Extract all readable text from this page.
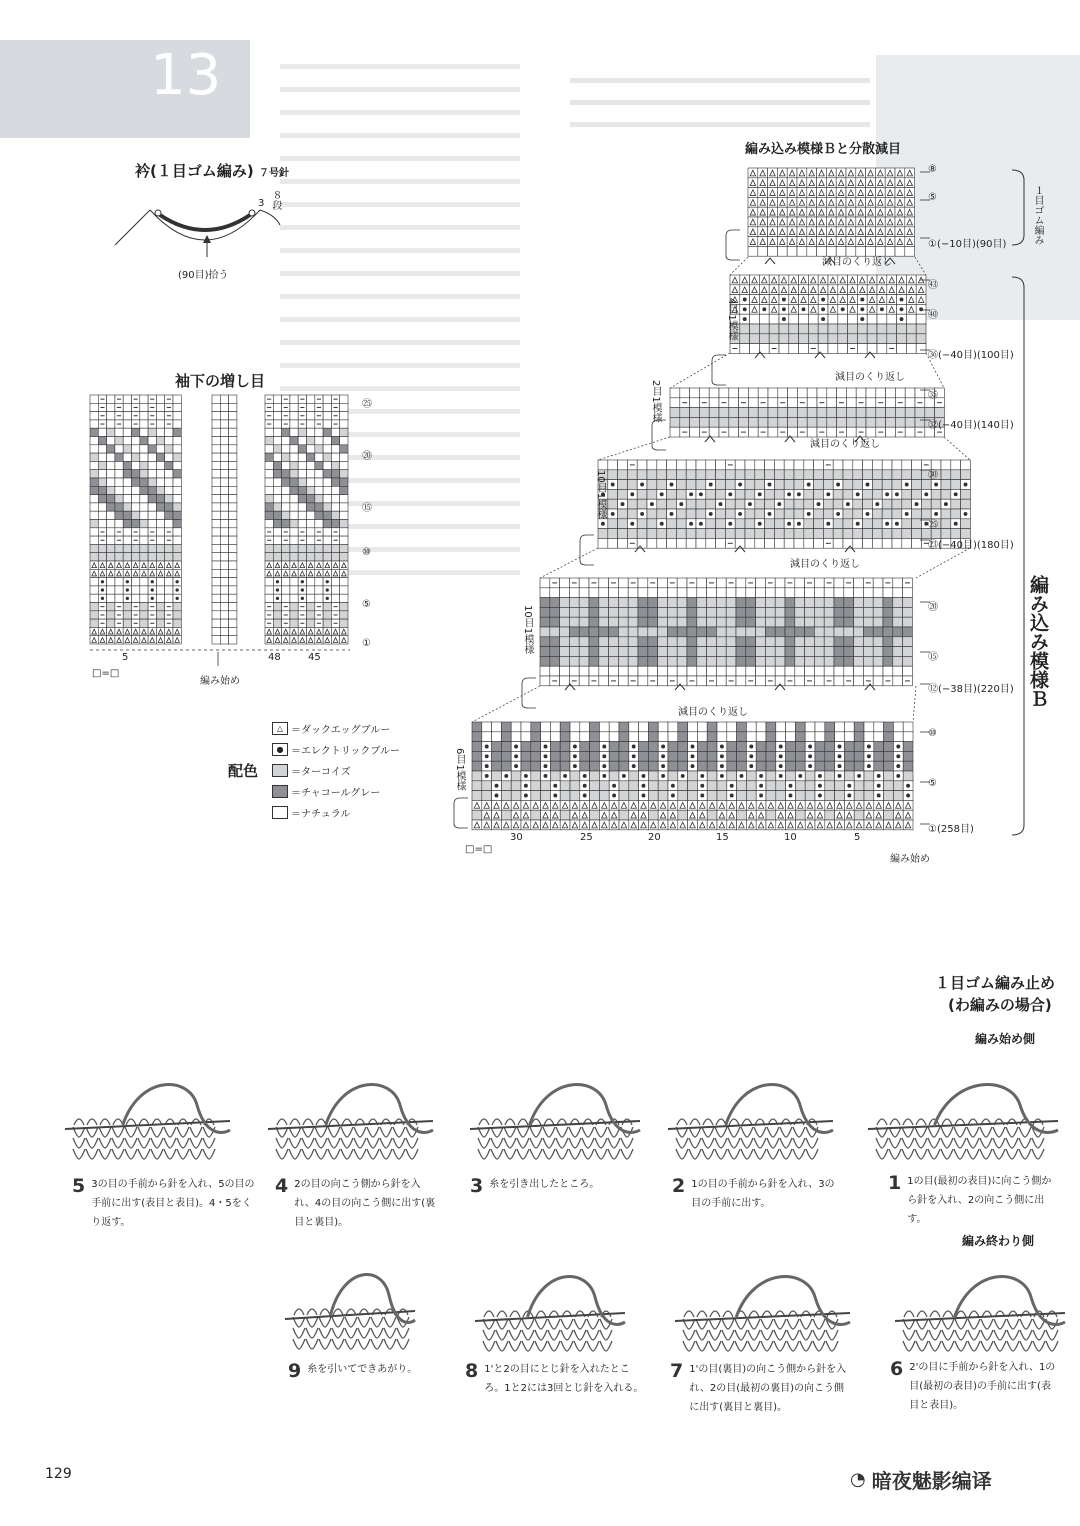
13
衿(１目ゴム編み) ７号針
８段
3
(90目)拾う
袖下の増し目
㉕
⑳
⑮
⑩
⑤
①
5	48	45
編み始め
□=□
配色
△ ＝ダックエッグブルー
● ＝エレクトリックブルー
＝ターコイズ
＝チャコールグレー
＝ナチュラル
編み込み模様Ｂと分散減目
１目ゴム編み
編み込み模様Ｂ
⑧
⑤
①(−10目)(90目)
㊸
㊵
㊱(−40目)(100目)
㉟
㉜(−40目)(140目)
㉚
㉕
㉓(−40目)(180目)
⑳
⑮
⑫(−38目)(220目)
⑩
⑤
①(258目)
4目1模様
2目1模様
10目1模様
10目1模様
6目1模様
減目のくり返し
減目のくり返し
減目のくり返し
減目のくり返し
減目のくり返し
30	25	20	15	10	5
編み始め
□=□
１目ゴム編み止め
(わ編みの場合)
編み始め側
編み終わり側
5 3の目の手前から針を入れ、5の目の手前に出す(表目と表目)。4・5をくり返す。
4 2の目の向こう側から針を入れ、4の目の向こう側に出す(裏目と裏目)。
3 糸を引き出したところ。	2 1の目の手前から針を入れ、3の目の手前に出す。
1 1の目(最初の表目)に向こう側から針を入れ、2の向こう側に出す。
9 糸を引いてできあがり。	8 1'と2の目にとじ針を入れたところ。1と2には3回とじ針を入れる。
7 1'の目(裏目)の向こう側から針を入れ、2の目(最初の裏目)の向こう側に出す(裏目と裏目)。
6 2'の目に手前から針を入れ、1の目(最初の表目)の手前に出す(表目と表目)。
129	◔ 暗夜魅影编译
